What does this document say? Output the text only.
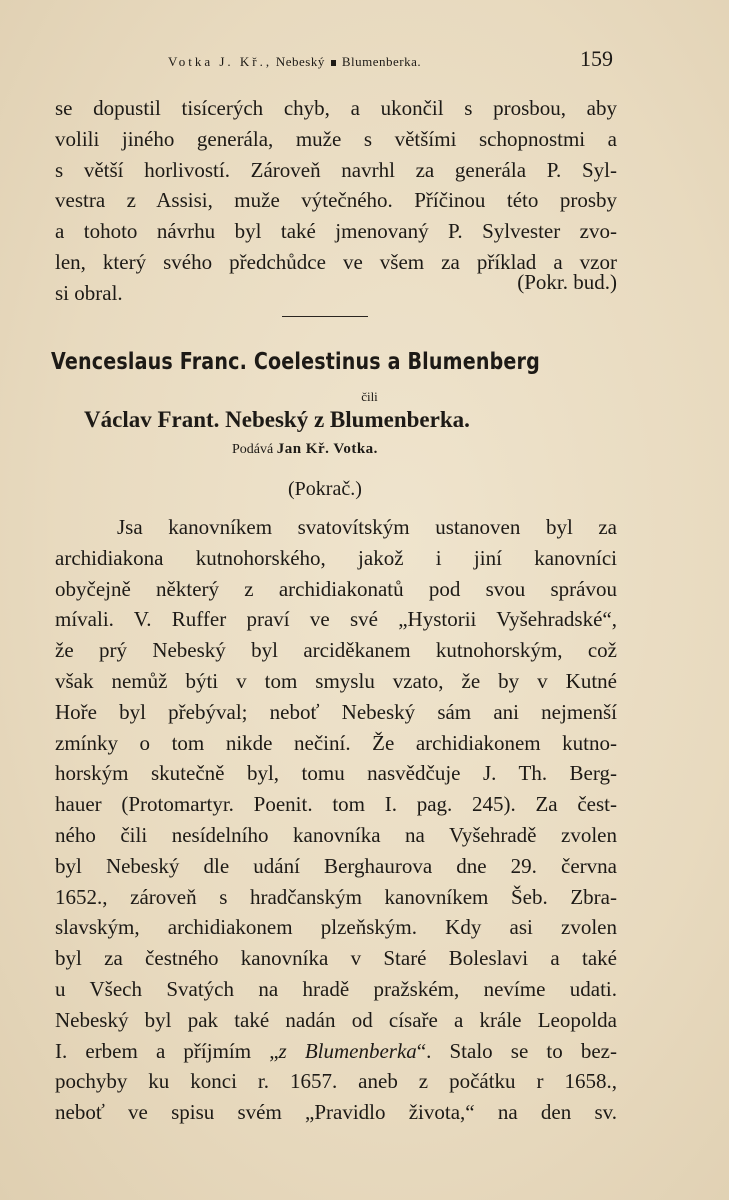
Votka J. Kř., Nebeský Blumenberka.	159
se dopustil tisícerých chyb, a ukončil s prosbou, aby
volili jiného generála, muže s většími schopnostmi a
s větší horlivostí. Zároveň navrhl za generála P. Syl-
vestra z Assisi, muže výtečného. Příčinou této prosby
a tohoto návrhu byl také jmenovaný P. Sylvester zvo-
len, který svého předchůdce ve všem za příklad a vzor
si obral.	(Pokr. bud.)
Venceslaus Franc. Coelestinus a Blumenberg
čili
Václav Frant. Nebeský z Blumenberka.
Podává Jan Kř. Votka.
(Pokrač.)
Jsa kanovníkem svatovítským ustanoven byl za
archidiakona kutnohorského, jakož i jiní kanovníci
obyčejně některý z archidiakonatů pod svou správou
mívali. V. Ruffer praví ve své „Hystorii Vyšehradské“,
že prý Nebeský byl arciděkanem kutnohorským, což
však nemůž býti v tom smyslu vzato, že by v Kutné
Hoře byl přebýval; neboť Nebeský sám ani nejmenší
zmínky o tom nikde nečiní. Že archidiakonem kutno-
horským skutečně byl, tomu nasvědčuje J. Th. Berg-
hauer (Protomartyr. Poenit. tom I. pag. 245). Za čest-
ného čili nesídelního kanovníka na Vyšehradě zvolen
byl Nebeský dle udání Berghaurova dne 29. června
1652., zároveň s hradčanským kanovníkem Šeb. Zbra-
slavským, archidiakonem plzeňským. Kdy asi zvolen
byl za čestného kanovníka v Staré Boleslavi a také
u Všech Svatých na hradě pražském, nevíme udati.
Nebeský byl pak také nadán od císaře a krále Leopolda
I. erbem a příjmím „z Blumenberka“. Stalo se to bez-
pochyby ku konci r. 1657. aneb z počátku r 1658.,
neboť ve spisu svém „Pravidlo života,“ na den sv.
